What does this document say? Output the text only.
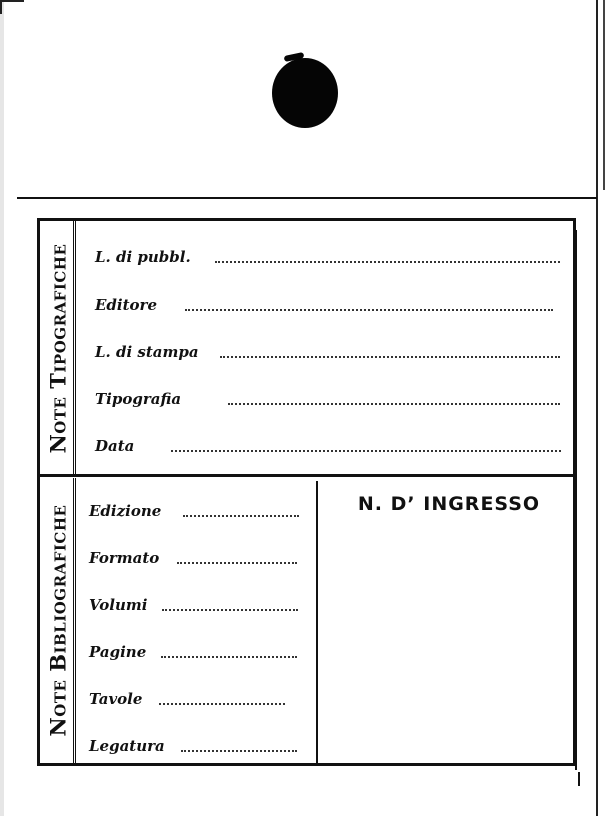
Note Tipografiche L. di pubbl.
Editore
L. di stampa
Tipografia
Data
Note Bibliografiche Edizione
Formato
Volumi
Pagine
Tavole
Legatura
N. D’ INGRESSO
